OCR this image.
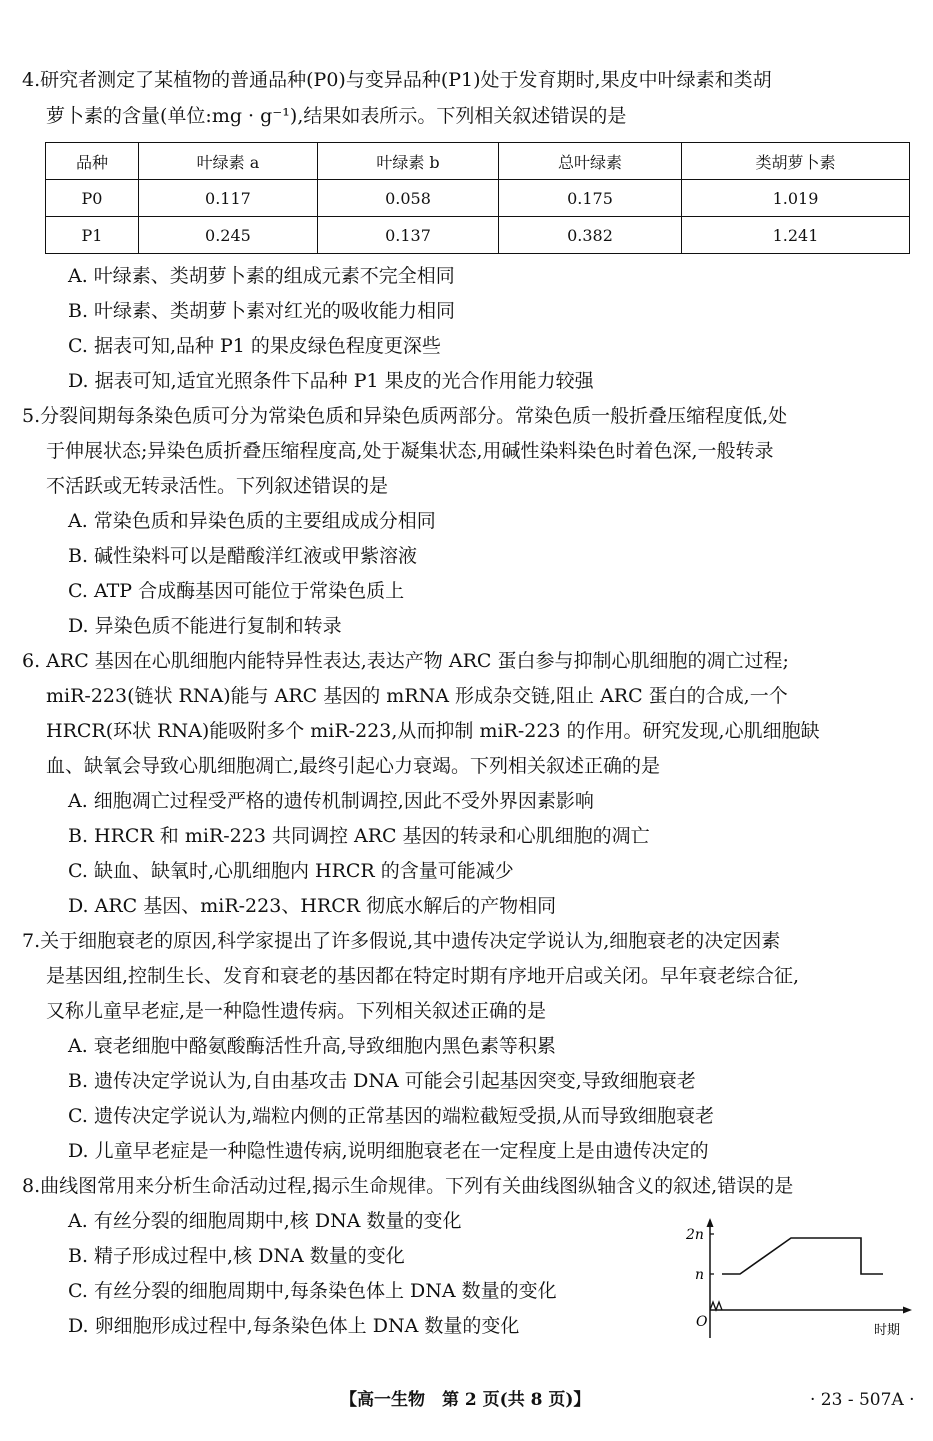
4.研究者测定了某植物的普通品种(P0)与变异品种(P1)处于发育期时,果皮中叶绿素和类胡
萝卜素的含量(单位:mg · g⁻¹),结果如表所示。下列相关叙述错误的是
品种	叶绿素 a	叶绿素 b	总叶绿素	类胡萝卜素
P0	0.117	0.058	0.175	1.019
P1	0.245	0.137	0.382	1.241
A. 叶绿素、类胡萝卜素的组成元素不完全相同
B. 叶绿素、类胡萝卜素对红光的吸收能力相同
C. 据表可知,品种 P1 的果皮绿色程度更深些
D. 据表可知,适宜光照条件下品种 P1 果皮的光合作用能力较强
5.分裂间期每条染色质可分为常染色质和异染色质两部分。常染色质一般折叠压缩程度低,处
于伸展状态;异染色质折叠压缩程度高,处于凝集状态,用碱性染料染色时着色深,一般转录
不活跃或无转录活性。下列叙述错误的是
A. 常染色质和异染色质的主要组成成分相同
B. 碱性染料可以是醋酸洋红液或甲紫溶液
C. ATP 合成酶基因可能位于常染色质上
D. 异染色质不能进行复制和转录
6. ARC 基因在心肌细胞内能特异性表达,表达产物 ARC 蛋白参与抑制心肌细胞的凋亡过程;
miR-223(链状 RNA)能与 ARC 基因的 mRNA 形成杂交链,阻止 ARC 蛋白的合成,一个
HRCR(环状 RNA)能吸附多个 miR-223,从而抑制 miR-223 的作用。研究发现,心肌细胞缺
血、缺氧会导致心肌细胞凋亡,最终引起心力衰竭。下列相关叙述正确的是
A. 细胞凋亡过程受严格的遗传机制调控,因此不受外界因素影响
B. HRCR 和 miR-223 共同调控 ARC 基因的转录和心肌细胞的凋亡
C. 缺血、缺氧时,心肌细胞内 HRCR 的含量可能减少
D. ARC 基因、miR-223、HRCR 彻底水解后的产物相同
7.关于细胞衰老的原因,科学家提出了许多假说,其中遗传决定学说认为,细胞衰老的决定因素
是基因组,控制生长、发育和衰老的基因都在特定时期有序地开启或关闭。早年衰老综合征,
又称儿童早老症,是一种隐性遗传病。下列相关叙述正确的是
A. 衰老细胞中酪氨酸酶活性升高,导致细胞内黑色素等积累
B. 遗传决定学说认为,自由基攻击 DNA 可能会引起基因突变,导致细胞衰老
C. 遗传决定学说认为,端粒内侧的正常基因的端粒截短受损,从而导致细胞衰老
D. 儿童早老症是一种隐性遗传病,说明细胞衰老在一定程度上是由遗传决定的
8.曲线图常用来分析生命活动过程,揭示生命规律。下列有关曲线图纵轴含义的叙述,错误的是
A. 有丝分裂的细胞周期中,核 DNA 数量的变化
B. 精子形成过程中,核 DNA 数量的变化
C. 有丝分裂的细胞周期中,每条染色体上 DNA 数量的变化
D. 卵细胞形成过程中,每条染色体上 DNA 数量的变化
2n
n
O
时期
【高一生物　第 2 页(共 8 页)】	· 23 - 507A ·
